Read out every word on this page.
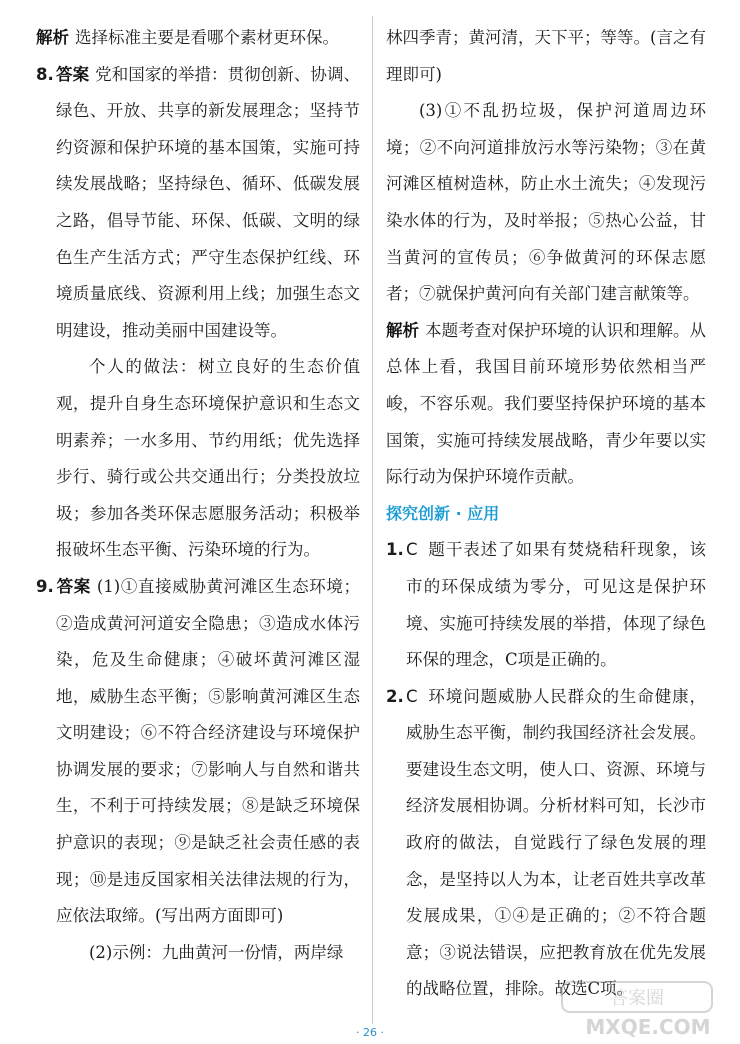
解析 选择标准主要是看哪个素材更环保。

8. 答案 党和国家的举措：贯彻创新、协调、绿色、开放、共享的新发展理念；坚持节约资源和保护环境的基本国策，实施可持续发展战略；坚持绿色、循环、低碳发展之路，倡导节能、环保、低碳、文明的绿色生产生活方式；严守生态保护红线、环境质量底线、资源利用上线；加强生态文明建设，推动美丽中国建设等。

个人的做法：树立良好的生态价值观，提升自身生态环境保护意识和生态文明素养；一水多用、节约用纸；优先选择步行、骑行或公共交通出行；分类投放垃圾；参加各类环保志愿服务活动；积极举报破坏生态平衡、污染环境的行为。

9. 答案 (1)①直接威胁黄河滩区生态环境；②造成黄河河道安全隐患；③造成水体污染，危及生命健康；④破坏黄河滩区湿地，威胁生态平衡；⑤影响黄河滩区生态文明建设；⑥不符合经济建设与环境保护协调发展的要求；⑦影响人与自然和谐共生，不利于可持续发展；⑧是缺乏环境保护意识的表现；⑨是缺乏社会责任感的表现；⑩是违反国家相关法律法规的行为，应依法取缔。(写出两方面即可)

(2)示例：九曲黄河一份情，两岸绿

林四季青；黄河清，天下平；等等。(言之有理即可)

(3)①不乱扔垃圾，保护河道周边环境；②不向河道排放污水等污染物；③在黄河滩区植树造林，防止水土流失；④发现污染水体的行为，及时举报；⑤热心公益，甘当黄河的宣传员；⑥争做黄河的环保志愿者；⑦就保护黄河向有关部门建言献策等。

解析 本题考查对保护环境的认识和理解。从总体上看，我国目前环境形势依然相当严峻，不容乐观。我们要坚持保护环境的基本国策，实施可持续发展战略，青少年要以实际行动为保护环境作贡献。

探究创新 · 应用

1. C 题干表述了如果有焚烧秸秆现象，该市的环保成绩为零分，可见这是保护环境、实施可持续发展的举措，体现了绿色环保的理念，C项是正确的。

2. C 环境问题威胁人民群众的生命健康，威胁生态平衡，制约我国经济社会发展。要建设生态文明，使人口、资源、环境与经济发展相协调。分析材料可知，长沙市政府的做法，自觉践行了绿色发展的理念，是坚持以人为本，让老百姓共享改革发展成果，①④是正确的；②不符合题意；③说法错误，应把教育放在优先发展的战略位置，排除。故选C项。

· 26 ·
答案圈
MXQE.COM
